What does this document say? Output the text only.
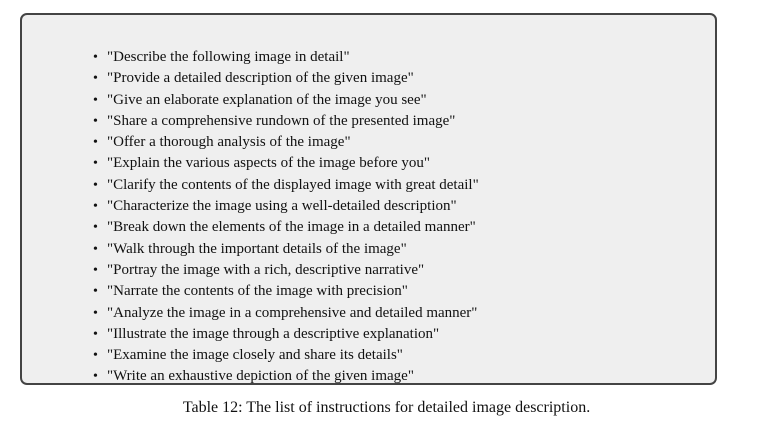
• "Describe the following image in detail"
• "Provide a detailed description of the given image"
• "Give an elaborate explanation of the image you see"
• "Share a comprehensive rundown of the presented image"
• "Offer a thorough analysis of the image"
• "Explain the various aspects of the image before you"
• "Clarify the contents of the displayed image with great detail"
• "Characterize the image using a well-detailed description"
• "Break down the elements of the image in a detailed manner"
• "Walk through the important details of the image"
• "Portray the image with a rich, descriptive narrative"
• "Narrate the contents of the image with precision"
• "Analyze the image in a comprehensive and detailed manner"
• "Illustrate the image through a descriptive explanation"
• "Examine the image closely and share its details"
• "Write an exhaustive depiction of the given image"
Table 12: The list of instructions for detailed image description.
